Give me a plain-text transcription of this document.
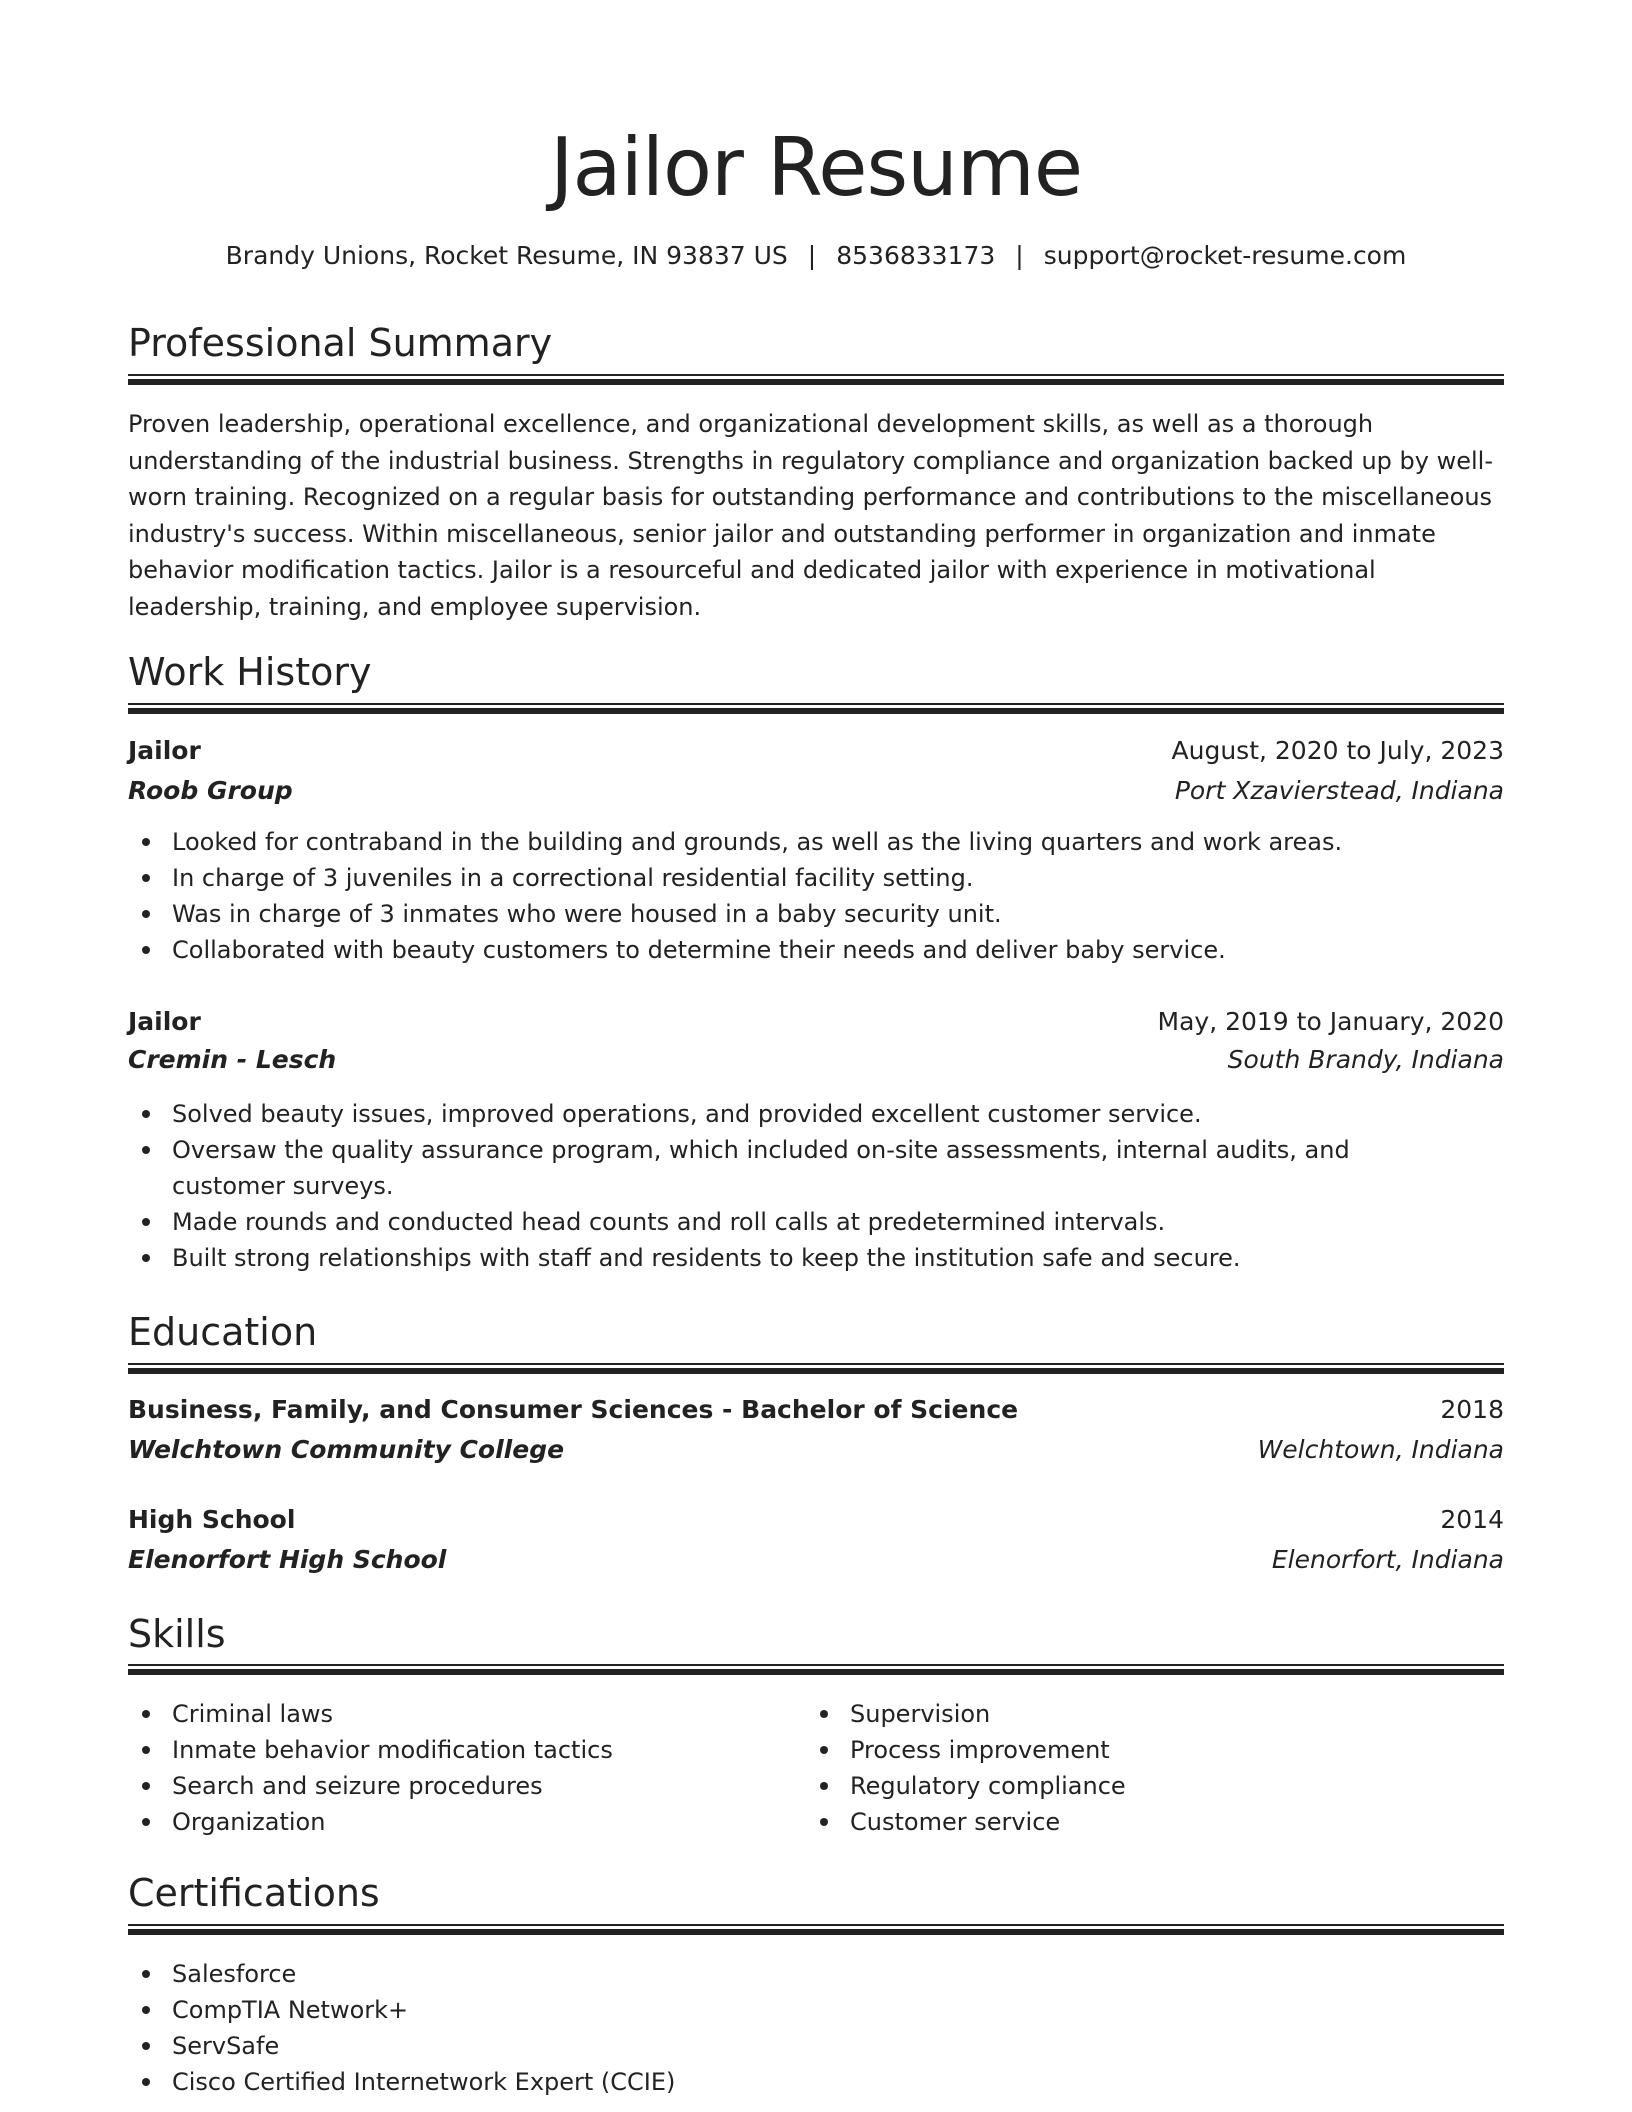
Jailor Resume
Brandy Unions, Rocket Resume, IN 93837 US | 8536833173 | support@rocket-resume.com
Professional Summary

Proven leadership, operational excellence, and organizational development skills, as well as a thorough understanding of the industrial business. Strengths in regulatory compliance and organization backed up by well-worn training. Recognized on a regular basis for outstanding performance and contributions to the miscellaneous industry's success. Within miscellaneous, senior jailor and outstanding performer in organization and inmate behavior modification tactics. Jailor is a resourceful and dedicated jailor with experience in motivational leadership, training, and employee supervision.

Work History
Jailor	August, 2020 to July, 2023
Roob Group	Port Xzavierstead, Indiana
Looked for contraband in the building and grounds, as well as the living quarters and work areas.
In charge of 3 juveniles in a correctional residential facility setting.
Was in charge of 3 inmates who were housed in a baby security unit.
Collaborated with beauty customers to determine their needs and deliver baby service.
Jailor	May, 2019 to January, 2020
Cremin - Lesch	South Brandy, Indiana
Solved beauty issues, improved operations, and provided excellent customer service.
Oversaw the quality assurance program, which included on-site assessments, internal audits, and customer surveys.
Made rounds and conducted head counts and roll calls at predetermined intervals.
Built strong relationships with staff and residents to keep the institution safe and secure.
Education
Business, Family, and Consumer Sciences - Bachelor of Science	2018
Welchtown Community College	Welchtown, Indiana
High School	2014
Elenorfort High School	Elenorfort, Indiana
Skills
Criminal laws
Inmate behavior modification tactics
Search and seizure procedures
Organization
Supervision
Process improvement
Regulatory compliance
Customer service
Certifications
Salesforce
CompTIA Network+
ServSafe
Cisco Certified Internetwork Expert (CCIE)
